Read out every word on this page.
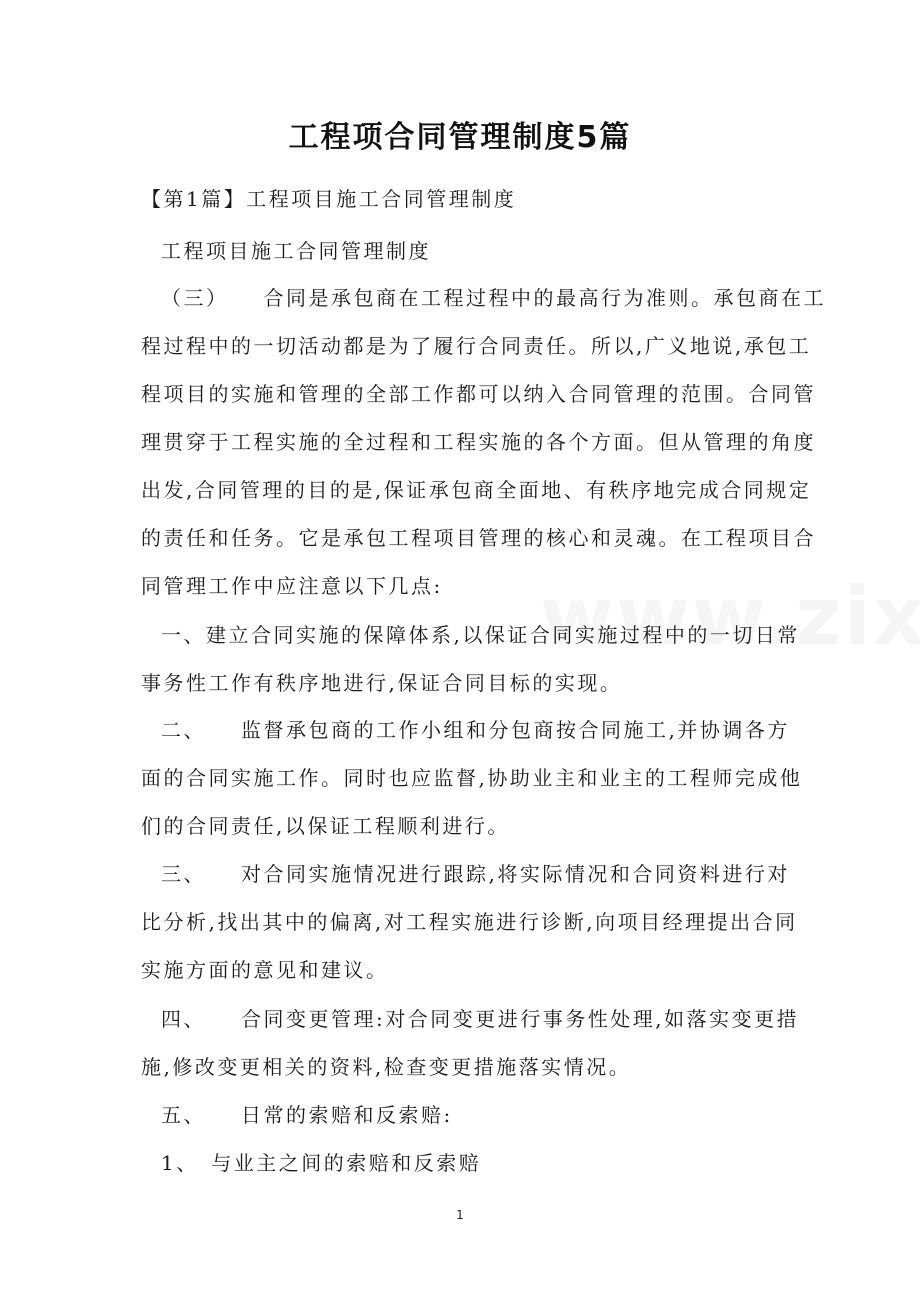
工程项合同管理制度5篇
【第1篇】工程项目施工合同管理制度
工程项目施工合同管理制度
（三）　　合同是承包商在工程过程中的最高行为准则。承包商在工
程过程中的一切活动都是为了履行合同责任。所以,广义地说,承包工
程项目的实施和管理的全部工作都可以纳入合同管理的范围。合同管
理贯穿于工程实施的全过程和工程实施的各个方面。但从管理的角度
出发,合同管理的目的是,保证承包商全面地、有秩序地完成合同规定
的责任和任务。它是承包工程项目管理的核心和灵魂。在工程项目合
同管理工作中应注意以下几点:
一、建立合同实施的保障体系,以保证合同实施过程中的一切日常
事务性工作有秩序地进行,保证合同目标的实现。
二、　　监督承包商的工作小组和分包商按合同施工,并协调各方
面的合同实施工作。同时也应监督,协助业主和业主的工程师完成他
们的合同责任,以保证工程顺利进行。
三、　　对合同实施情况进行跟踪,将实际情况和合同资料进行对
比分析,找出其中的偏离,对工程实施进行诊断,向项目经理提出合同
实施方面的意见和建议。
四、　　合同变更管理:对合同变更进行事务性处理,如落实变更措
施,修改变更相关的资料,检查变更措施落实情况。
五、　　日常的索赔和反索赔:
1、　与业主之间的索赔和反索赔
1
